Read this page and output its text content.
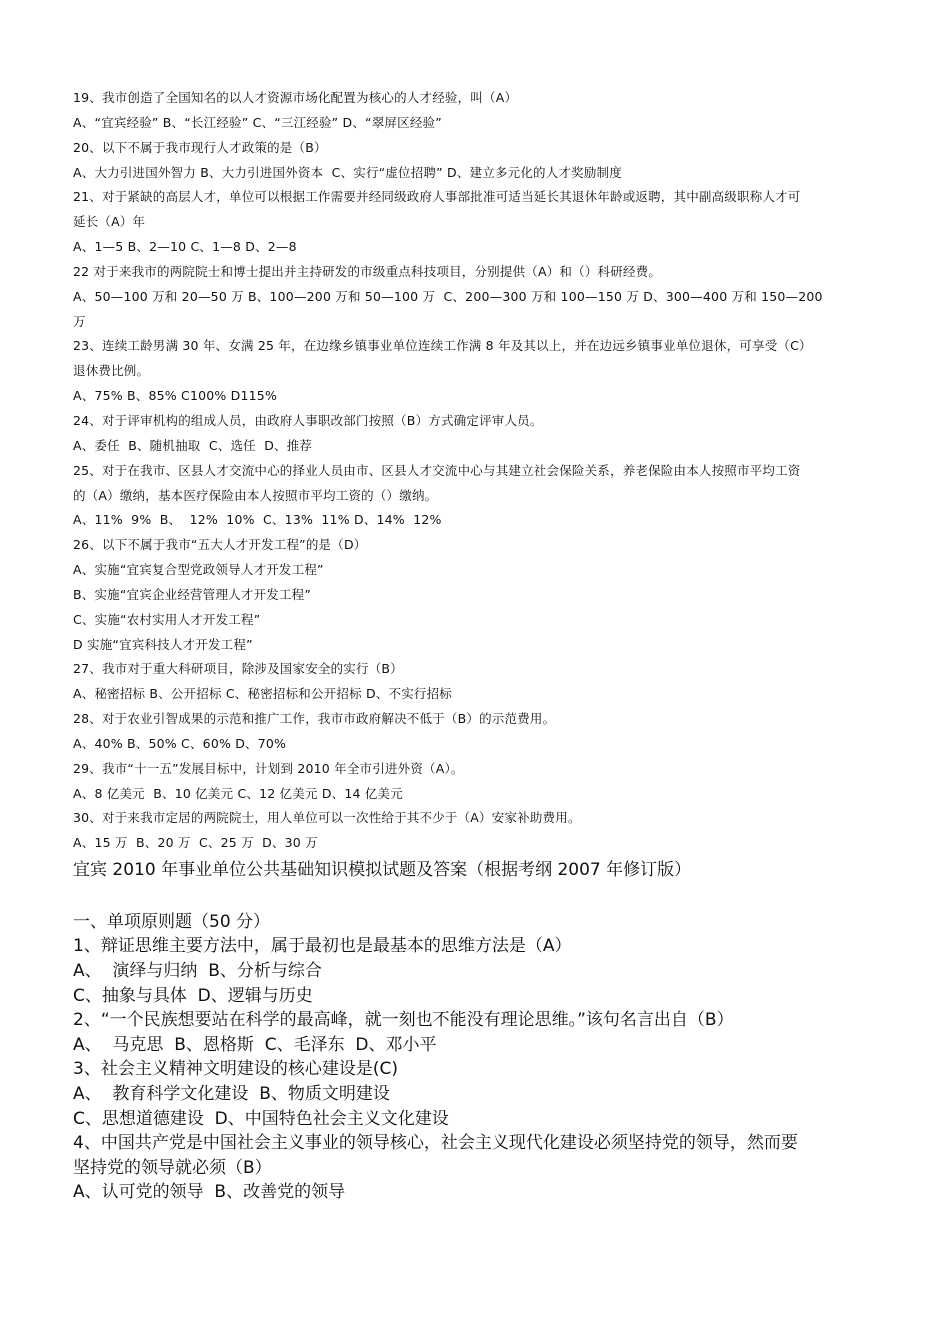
19、我市创造了全国知名的以人才资源市场化配置为核心的人才经验，叫（A）
A、“宜宾经验” B、“长江经验” C、“三江经验” D、“翠屏区经验”
20、以下不属于我市现行人才政策的是（B）
A、大力引进国外智力 B、大力引进国外资本  C、实行“虚位招聘” D、建立多元化的人才奖励制度
21、对于紧缺的高层人才，单位可以根据工作需要并经同级政府人事部批准可适当延长其退休年龄或返聘，其中副高级职称人才可
延长（A）年
A、1—5 B、2—10 C、1—8 D、2—8
22 对于来我市的两院院士和博士提出并主持研发的市级重点科技项目，分别提供（A）和（）科研经费。
A、50—100 万和 20—50 万 B、100—200 万和 50—100 万  C、200—300 万和 100—150 万 D、300—400 万和 150—200
万
23、连续工龄男满 30 年、女满 25 年，在边缘乡镇事业单位连续工作满 8 年及其以上，并在边远乡镇事业单位退休，可享受（C）
退休费比例。
A、75% B、85% C100% D115%
24、对于评审机构的组成人员，由政府人事职改部门按照（B）方式确定评审人员。
A、委任  B、随机抽取  C、选任  D、推荐
25、对于在我市、区县人才交流中心的择业人员由市、区县人才交流中心与其建立社会保险关系，养老保险由本人按照市平均工资
的（A）缴纳，基本医疗保险由本人按照市平均工资的（）缴纳。
A、11%  9%  B、  12%  10%  C、13%  11% D、14%  12%
26、以下不属于我市“五大人才开发工程”的是（D）
A、实施“宜宾复合型党政领导人才开发工程”
B、实施“宜宾企业经营管理人才开发工程”
C、实施“农村实用人才开发工程”
D 实施“宜宾科技人才开发工程”
27、我市对于重大科研项目，除涉及国家安全的实行（B）
A、秘密招标 B、公开招标 C、秘密招标和公开招标 D、不实行招标
28、对于农业引智成果的示范和推广工作，我市市政府解决不低于（B）的示范费用。
A、40% B、50% C、60% D、70%
29、我市“十一五”发展目标中，计划到 2010 年全市引进外资（A）。
A、8 亿美元  B、10 亿美元 C、12 亿美元 D、14 亿美元
30、对于来我市定居的两院院士，用人单位可以一次性给于其不少于（A）安家补助费用。
A、15 万  B、20 万  C、25 万  D、30 万
宜宾 2010 年事业单位公共基础知识模拟试题及答案（根据考纲 2007 年修订版）
一、单项原则题（50 分）
1、辩证思维主要方法中，属于最初也是最基本的思维方法是（A）
A、  演绎与归纳  B、分析与综合
C、抽象与具体  D、逻辑与历史
2、“一个民族想要站在科学的最高峰，就一刻也不能没有理论思维。”该句名言出自（B）
A、  马克思  B、恩格斯  C、毛泽东  D、邓小平
3、社会主义精神文明建设的核心建设是(C)
A、  教育科学文化建设  B、物质文明建设
C、思想道德建设  D、中国特色社会主义文化建设
4、中国共产党是中国社会主义事业的领导核心，社会主义现代化建设必须坚持党的领导，然而要
坚持党的领导就必须（B）
A、认可党的领导  B、改善党的领导
